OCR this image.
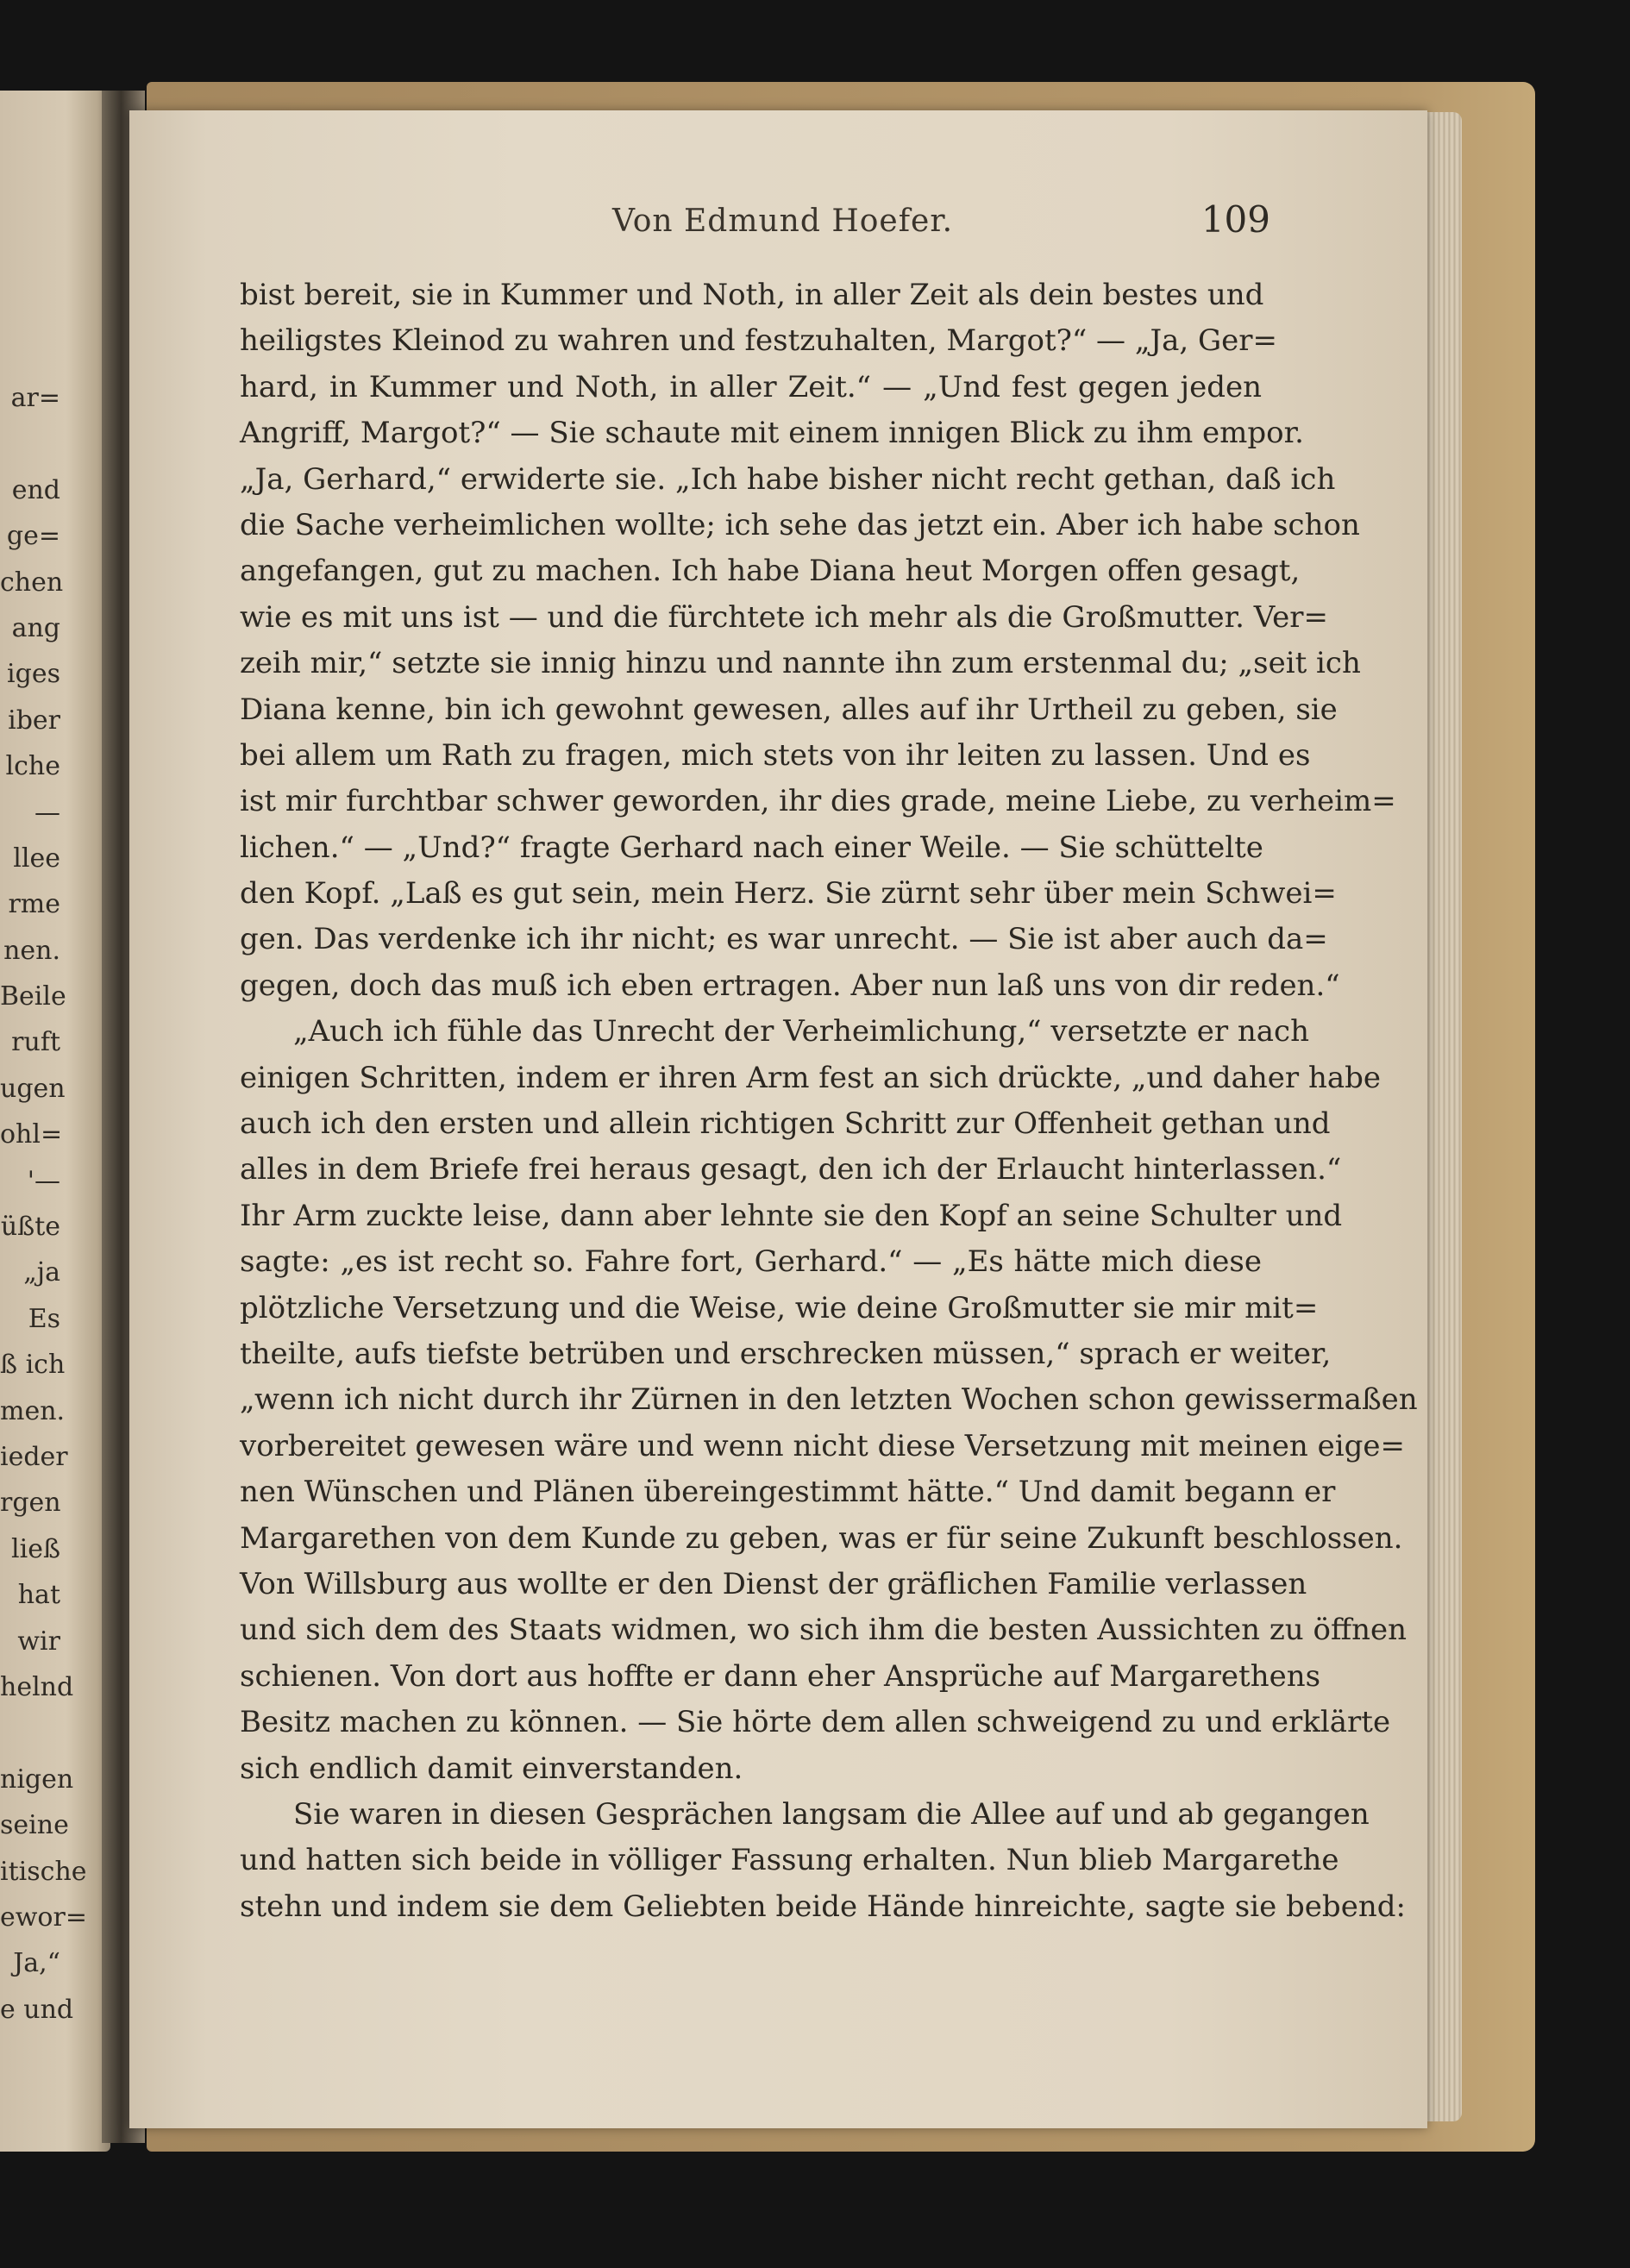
ar=
end
ge=
chen
ang
iges
iber
lche
—
llee
rme
nen.
Beile
ruft
ugen
ohl=
'—
üßte
„ja
Es
ß ich
men.
ieder
rgen
ließ
hat
wir
helnd
nigen
seine
itische
ewor=
Ja,“
e und
Von Edmund Hoefer.	109
bist bereit, sie in Kummer und Noth, in aller Zeit als dein bestes und
heiligstes Kleinod zu wahren und festzuhalten, Margot?“ — „Ja, Ger=
hard, in Kummer und Noth, in aller Zeit.“ — „Und fest gegen jeden
Angriff, Margot?“ — Sie schaute mit einem innigen Blick zu ihm empor.
„Ja, Gerhard,“ erwiderte sie. „Ich habe bisher nicht recht gethan, daß ich
die Sache verheimlichen wollte; ich sehe das jetzt ein. Aber ich habe schon
angefangen, gut zu machen. Ich habe Diana heut Morgen offen gesagt,
wie es mit uns ist — und die fürchtete ich mehr als die Großmutter. Ver=
zeih mir,“ setzte sie innig hinzu und nannte ihn zum erstenmal du; „seit ich
Diana kenne, bin ich gewohnt gewesen, alles auf ihr Urtheil zu geben, sie
bei allem um Rath zu fragen, mich stets von ihr leiten zu lassen. Und es
ist mir furchtbar schwer geworden, ihr dies grade, meine Liebe, zu verheim=
lichen.“ — „Und?“ fragte Gerhard nach einer Weile. — Sie schüttelte
den Kopf. „Laß es gut sein, mein Herz. Sie zürnt sehr über mein Schwei=
gen. Das verdenke ich ihr nicht; es war unrecht. — Sie ist aber auch da=
gegen, doch das muß ich eben ertragen. Aber nun laß uns von dir reden.“
„Auch ich fühle das Unrecht der Verheimlichung,“ versetzte er nach
einigen Schritten, indem er ihren Arm fest an sich drückte, „und daher habe
auch ich den ersten und allein richtigen Schritt zur Offenheit gethan und
alles in dem Briefe frei heraus gesagt, den ich der Erlaucht hinterlassen.“
Ihr Arm zuckte leise, dann aber lehnte sie den Kopf an seine Schulter und
sagte: „es ist recht so. Fahre fort, Gerhard.“ — „Es hätte mich diese
plötzliche Versetzung und die Weise, wie deine Großmutter sie mir mit=
theilte, aufs tiefste betrüben und erschrecken müssen,“ sprach er weiter,
„wenn ich nicht durch ihr Zürnen in den letzten Wochen schon gewissermaßen
vorbereitet gewesen wäre und wenn nicht diese Versetzung mit meinen eige=
nen Wünschen und Plänen übereingestimmt hätte.“ Und damit begann er
Margarethen von dem Kunde zu geben, was er für seine Zukunft beschlossen.
Von Willsburg aus wollte er den Dienst der gräflichen Familie verlassen
und sich dem des Staats widmen, wo sich ihm die besten Aussichten zu öffnen
schienen. Von dort aus hoffte er dann eher Ansprüche auf Margarethens
Besitz machen zu können. — Sie hörte dem allen schweigend zu und erklärte
sich endlich damit einverstanden.
Sie waren in diesen Gesprächen langsam die Allee auf und ab gegangen
und hatten sich beide in völliger Fassung erhalten. Nun blieb Margarethe
stehn und indem sie dem Geliebten beide Hände hinreichte, sagte sie bebend:
